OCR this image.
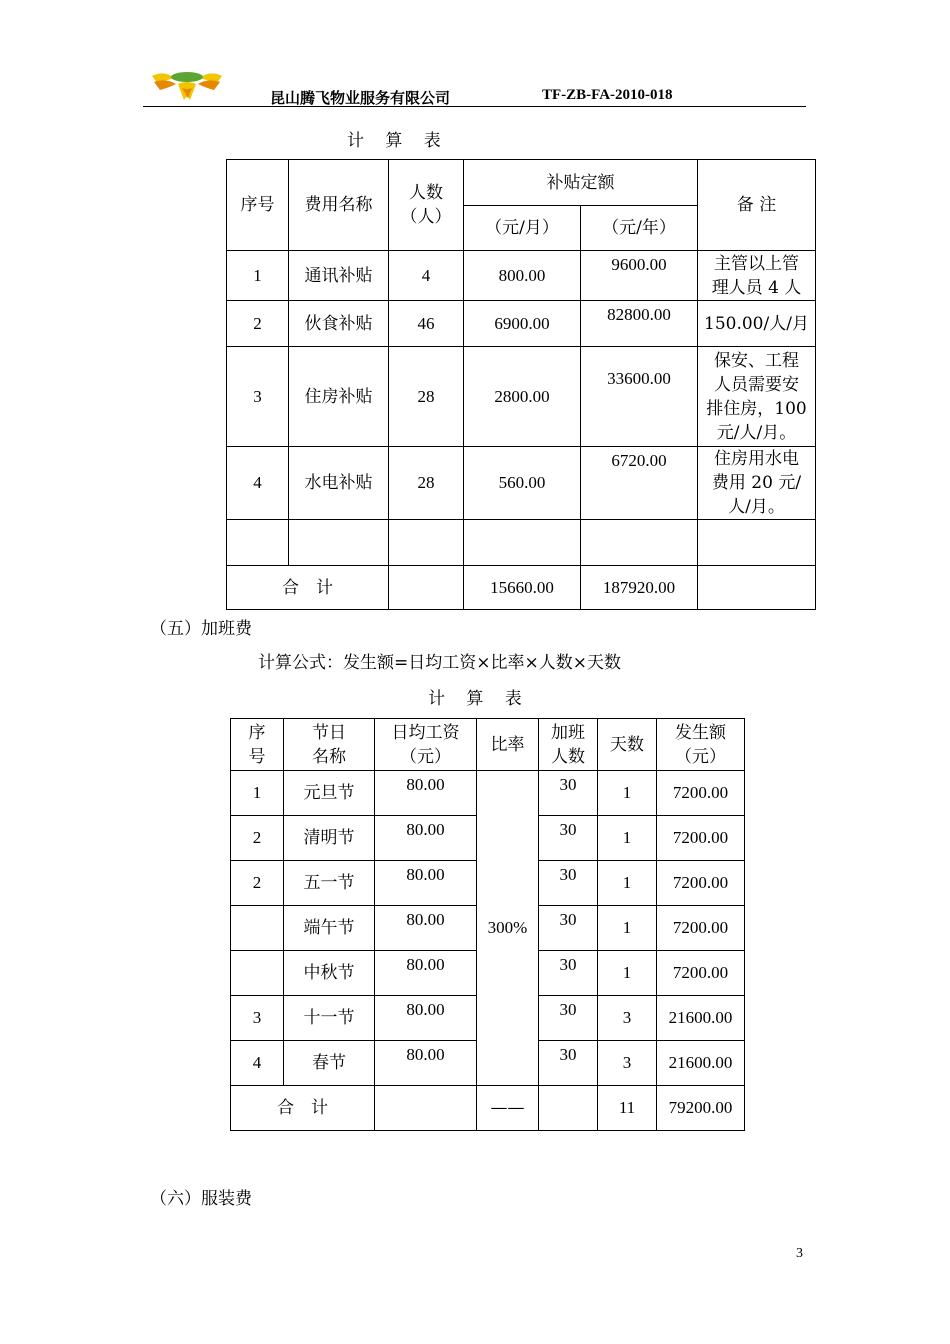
昆山腾飞物业服务有限公司	TF-ZB-FA-2010-018
计 算 表
序号	费用名称	人数（人）	补贴定额		备 注
			（元/月）	（元/年）	
1	通讯补贴	4	800.00	9600.00	主管以上管理人员 4 人
2	伙食补贴	46	6900.00	82800.00	150.00/人/月
3	住房补贴	28	2800.00	33600.00	保安、工程人员需要安排住房，100 元/人/月。
4	水电补贴	28	560.00	6720.00	住房用水电费用 20 元/人/月。

合　计			15660.00	187920.00	
（五）加班费
计算公式：发生额=日均工资×比率×人数×天数
计 算 表
序号	节日名称	日均工资（元）	比率	加班人数	天数	发生额（元）
1	元旦节	80.00	300%	30	1	7200.00
2	清明节	80.00		30	1	7200.00
2	五一节	80.00		30	1	7200.00
	端午节	80.00		30	1	7200.00
	中秋节	80.00		30	1	7200.00
3	十一节	80.00		30	3	21600.00
4	春节	80.00		30	3	21600.00
合　计			——		11	79200.00
（六）服装费
3
